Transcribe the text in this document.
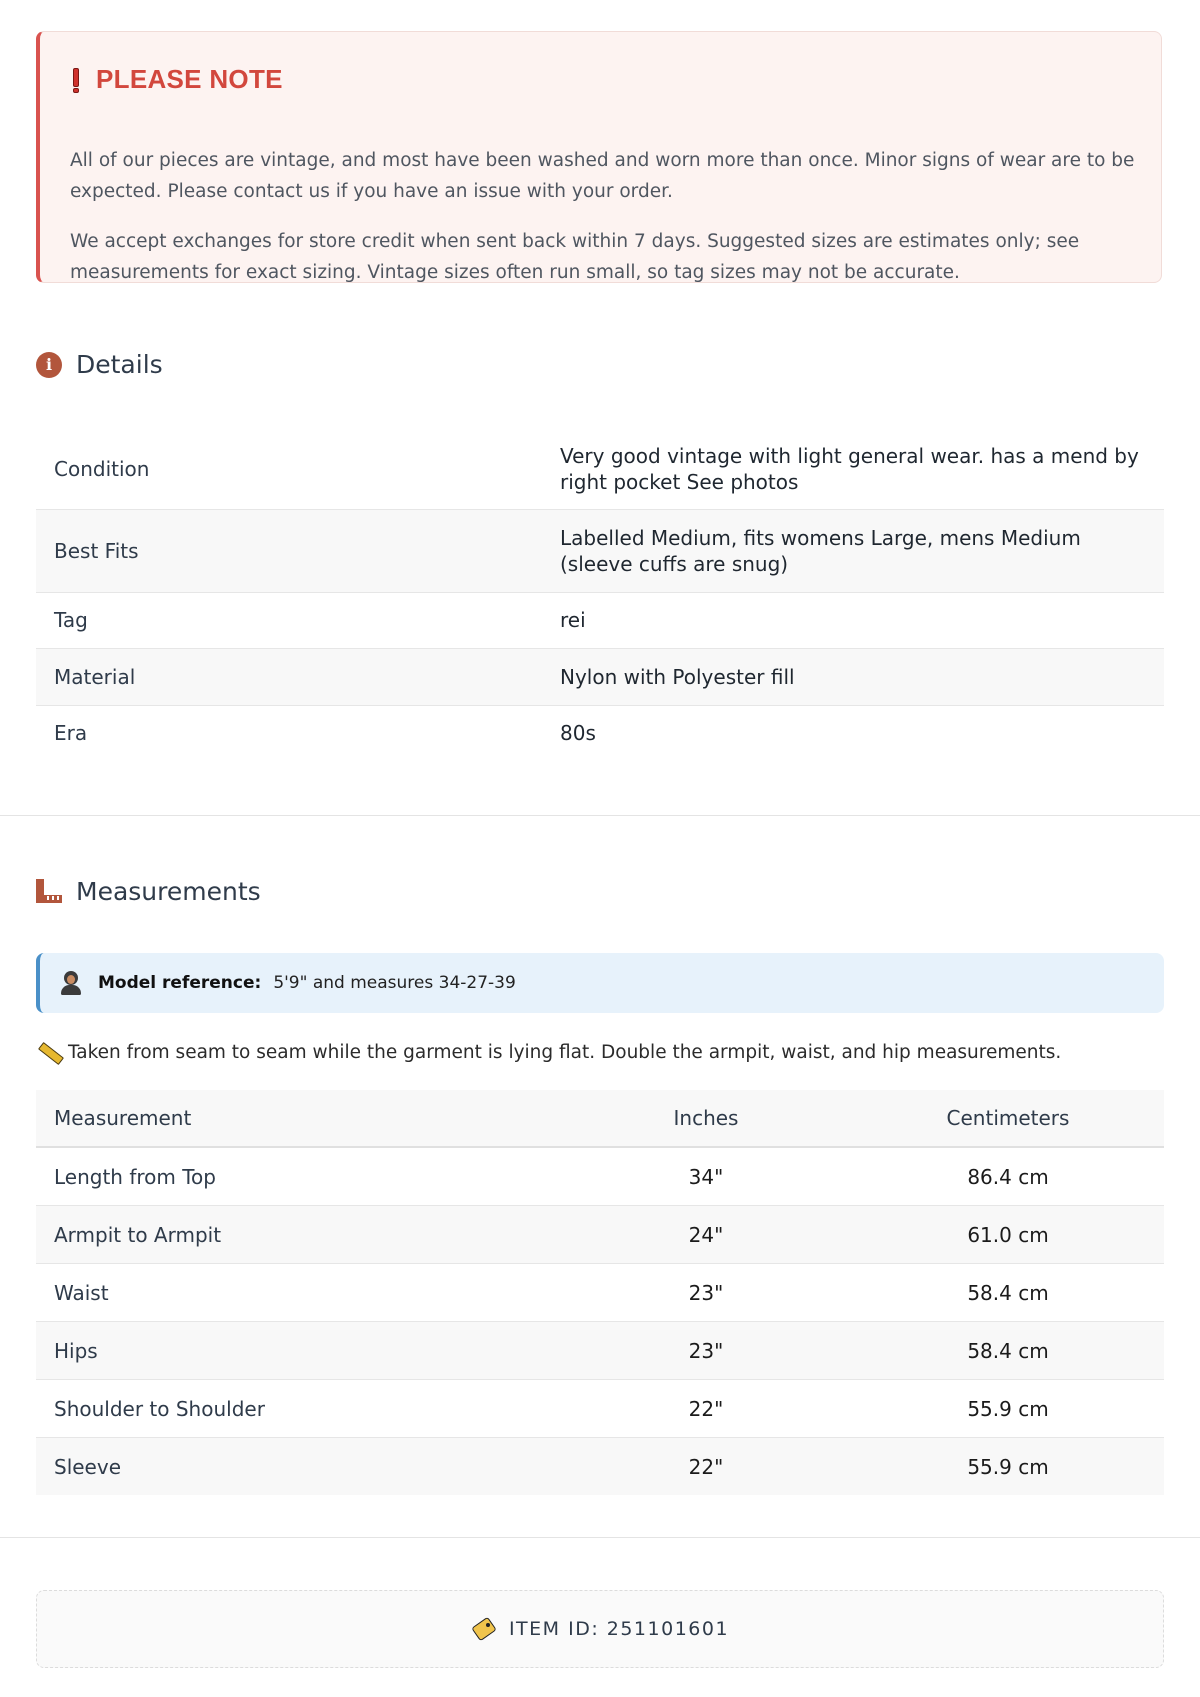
PLEASE NOTE

All of our pieces are vintage, and most have been washed and worn more than once. Minor signs of wear are to be expected. Please contact us if you have an issue with your order.

We accept exchanges for store credit when sent back within 7 days. Suggested sizes are estimates only; see measurements for exact sizing. Vintage sizes often run small, so tag sizes may not be accurate.

i Details
Condition	Very good vintage with light general wear. has a mend by right pocket See photos
Best Fits	Labelled Medium, fits womens Large, mens Medium (sleeve cuffs are snug)
Tag	rei
Material	Nylon with Polyester fill
Era	80s
Measurements
Model reference: 5'9" and measures 34-27-39
Taken from seam to seam while the garment is lying flat. Double the armpit, waist, and hip measurements.
Measurement	Inches	Centimeters
Length from Top	34"	86.4 cm
Armpit to Armpit	24"	61.0 cm
Waist	23"	58.4 cm
Hips	23"	58.4 cm
Shoulder to Shoulder	22"	55.9 cm
Sleeve	22"	55.9 cm
ITEM ID: 251101601
